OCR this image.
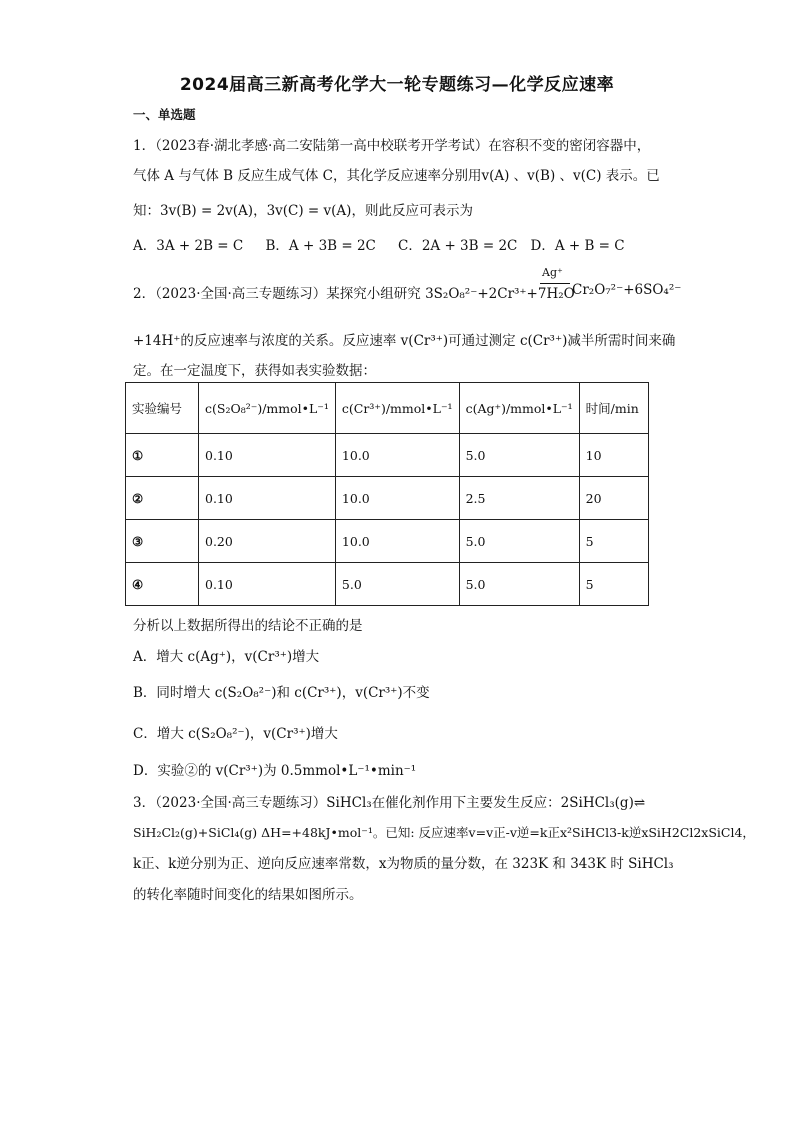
2024届高三新高考化学大一轮专题练习—化学反应速率
一、单选题
1．（2023春·湖北孝感·高二安陆第一高中校联考开学考试）在容积不变的密闭容器中，
气体 A 与气体 B 反应生成气体 C，其化学反应速率分别用v(A) 、v(B) 、v(C) 表示。已
知：3v(B) = 2v(A)，3v(C) = v(A)，则此反应可表示为
A．3A + 2B = C	B．A + 3B = 2C	C．2A + 3B = 2C D．A + B = C
2．（2023·全国·高三专题练习）某探究小组研究 3S₂O₈²⁻+2Cr³⁺+7H₂O
Ag⁺
Cr₂O₇²⁻+6SO₄²⁻
+14H⁺的反应速率与浓度的关系。反应速率 v(Cr³⁺)可通过测定 c(Cr³⁺)减半所需时间来确
定。在一定温度下，获得如表实验数据：
实验编号	c(S₂O₈²⁻)/mmol•L⁻¹	c(Cr³⁺)/mmol•L⁻¹	c(Ag⁺)/mmol•L⁻¹	时间/min
①	0.10	10.0	5.0	10
②	0.10	10.0	2.5	20
③	0.20	10.0	5.0	5
④	0.10	5.0	5.0	5
分析以上数据所得出的结论不正确的是
A．增大 c(Ag⁺)，v(Cr³⁺)增大
B．同时增大 c(S₂O₈²⁻)和 c(Cr³⁺)，v(Cr³⁺)不变
C．增大 c(S₂O₈²⁻)，v(Cr³⁺)增大
D．实验②的 v(Cr³⁺)为 0.5mmol•L⁻¹•min⁻¹
3．（2023·全国·高三专题练习）SiHCl₃在催化剂作用下主要发生反应：2SiHCl₃(g)⇌
SiH₂Cl₂(g)+SiCl₄(g) ΔH=+48kJ•mol⁻¹。已知: 反应速率v=v正-v逆=k正x²SiHCl3-k逆xSiH2Cl2xSiCl4，
k正、k逆分别为正、逆向反应速率常数，x为物质的量分数，在 323K 和 343K 时 SiHCl₃
的转化率随时间变化的结果如图所示。
